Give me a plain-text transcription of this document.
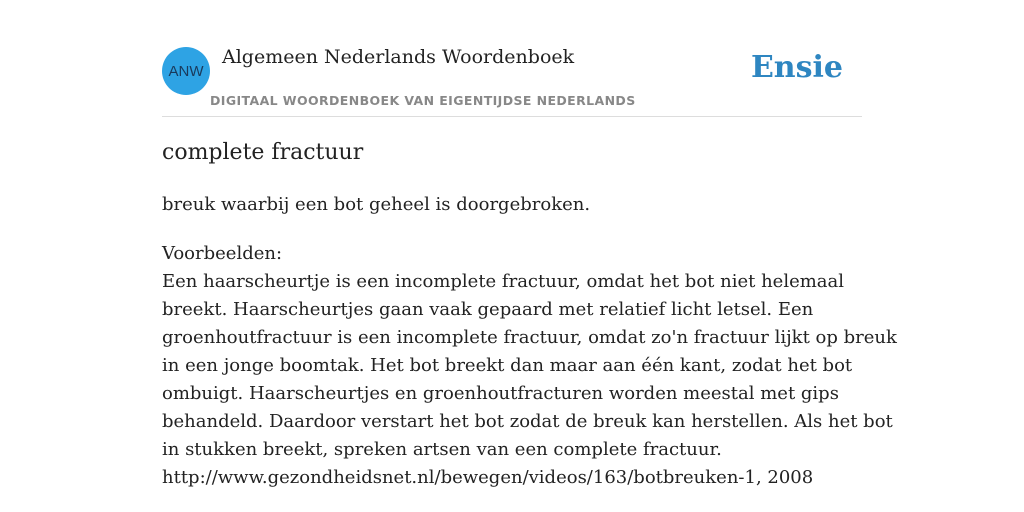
ANW
Algemeen Nederlands Woordenboek
DIGITAAL WOORDENBOEK VAN EIGENTIJDSE NEDERLANDS
Ensie
complete fractuur
breuk waarbij een bot geheel is doorgebroken.
Voorbeelden:
Een haarscheurtje is een incomplete fractuur, omdat het bot niet helemaal
breekt. Haarscheurtjes gaan vaak gepaard met relatief licht letsel. Een
groenhoutfractuur is een incomplete fractuur, omdat zo'n fractuur lijkt op breuk
in een jonge boomtak. Het bot breekt dan maar aan één kant, zodat het bot
ombuigt. Haarscheurtjes en groenhoutfracturen worden meestal met gips
behandeld. Daardoor verstart het bot zodat de breuk kan herstellen. Als het bot
in stukken breekt, spreken artsen van een complete fractuur.
http://www.gezondheidsnet.nl/bewegen/videos/163/botbreuken-1, 2008
